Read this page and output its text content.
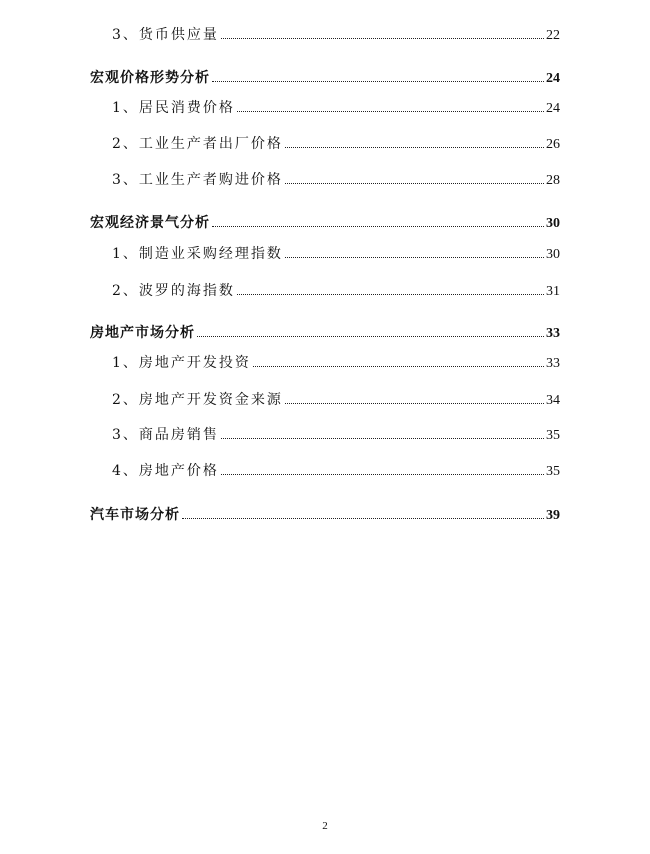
3、货币供应量	22
宏观价格形势分析	24
1、居民消费价格	24
2、工业生产者出厂价格	26
3、工业生产者购进价格	28
宏观经济景气分析	30
1、制造业采购经理指数	30
2、波罗的海指数	31
房地产市场分析	33
1、房地产开发投资	33
2、房地产开发资金来源	34
3、商品房销售	35
4、房地产价格	35
汽车市场分析	39
2
